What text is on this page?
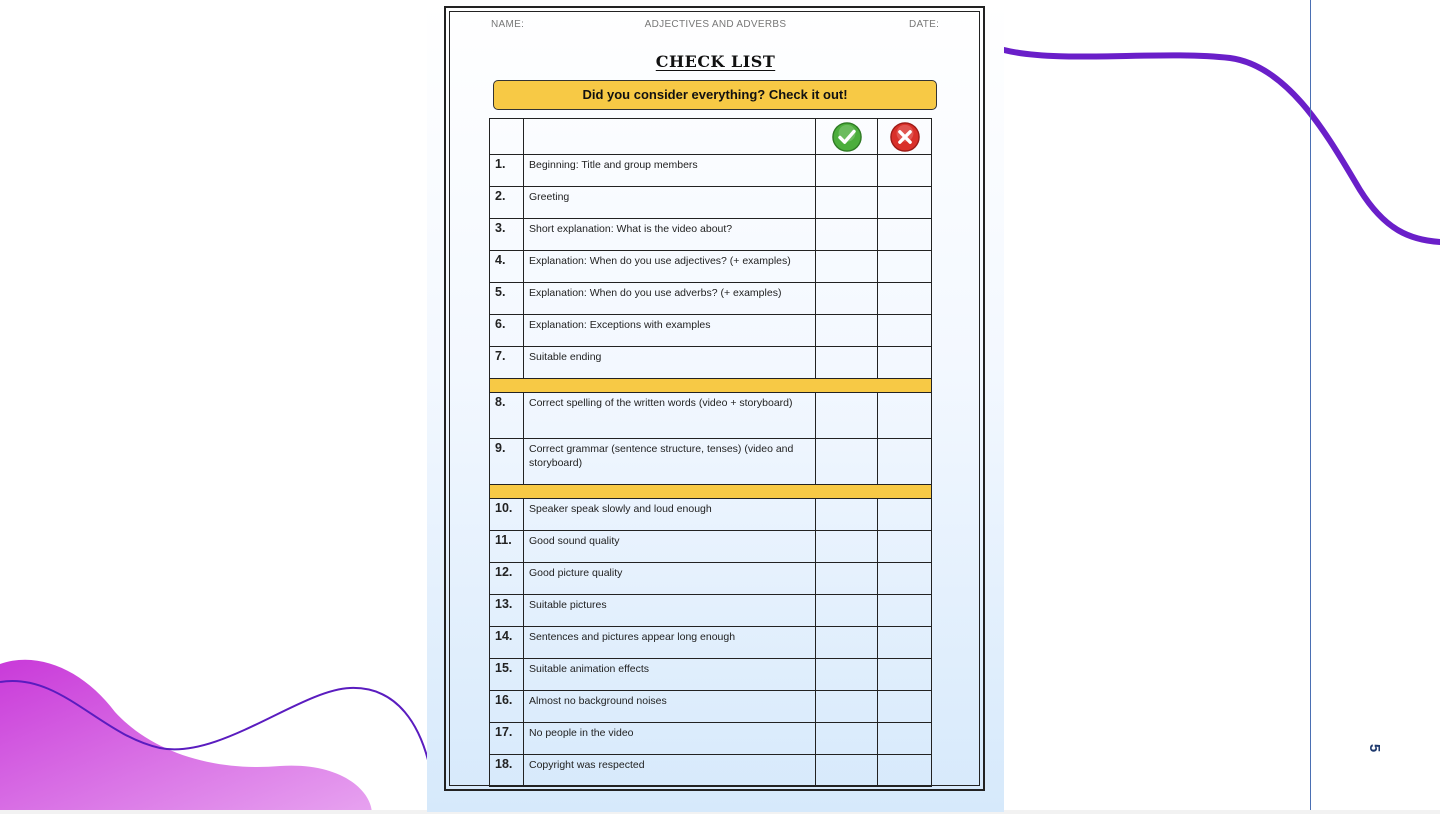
5
NAME:	ADJECTIVES AND ADVERBS	DATE:
CHECK LIST
Did you consider everything? Check it out!

1.	Beginning: Title and group members		
2.	Greeting		
3.	Short explanation: What is the video about?		
4.	Explanation: When do you use adjectives? (+ examples)		
5.	Explanation: When do you use adverbs? (+ examples)		
6.	Explanation: Exceptions with examples		
7.	Suitable ending		

8.	Correct spelling of the written words (video + storyboard)		
9.	Correct grammar (sentence structure, tenses) (video and storyboard)		

10.	Speaker speak slowly and loud enough		
11.	Good sound quality		
12.	Good picture quality		
13.	Suitable pictures		
14.	Sentences and pictures appear long enough		
15.	Suitable animation effects		
16.	Almost no background noises		
17.	No people in the video		
18.	Copyright was respected		
